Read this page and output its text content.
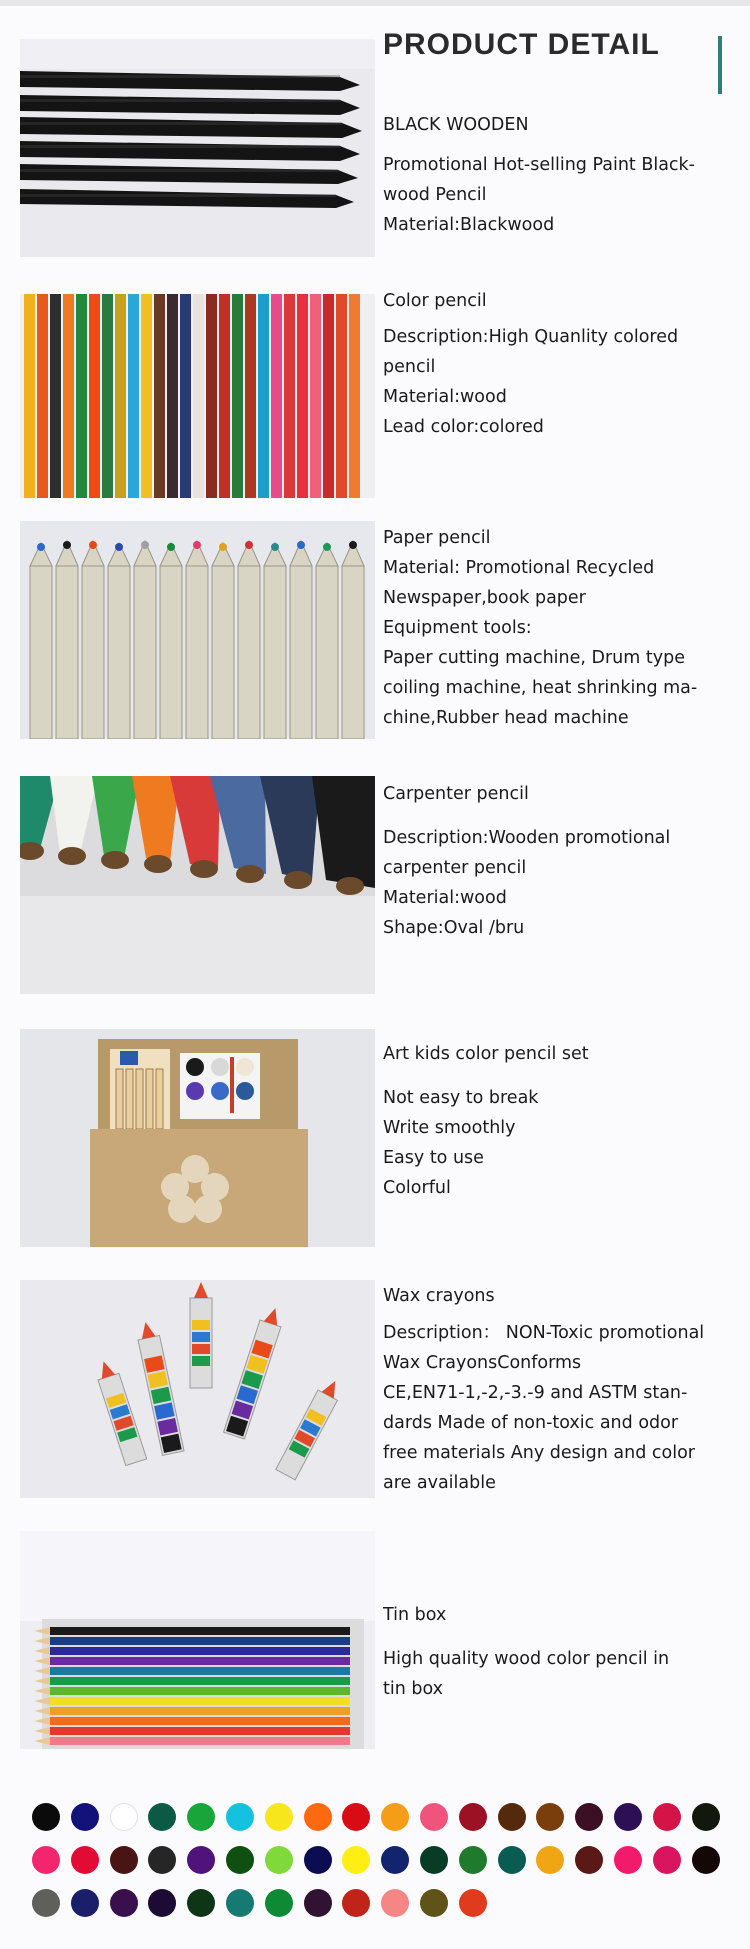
PRODUCT DETAIL

BLACK WOODEN

Promotional Hot-selling Paint Black-

wood Pencil

Material:Blackwood

Color pencil

Description:High Quanlity colored

pencil

Material:wood

Lead color:colored

Paper pencil

Material: Promotional Recycled

Newspaper,book paper

Equipment tools:

Paper cutting machine, Drum type

coiling machine, heat shrinking ma-

chine,Rubber head machine

Carpenter pencil

Description:Wooden promotional

carpenter pencil

Material:wood

Shape:Oval /bru

Art kids color pencil set

Not easy to break

Write smoothly

Easy to use

Colorful

Wax crayons

Description： NON-Toxic promotional

Wax CrayonsConforms

CE,EN71-1,-2,-3.-9 and ASTM stan-

dards Made of non-toxic and odor

free materials Any design and color

are available

Tin box

High quality wood color pencil in

tin box
